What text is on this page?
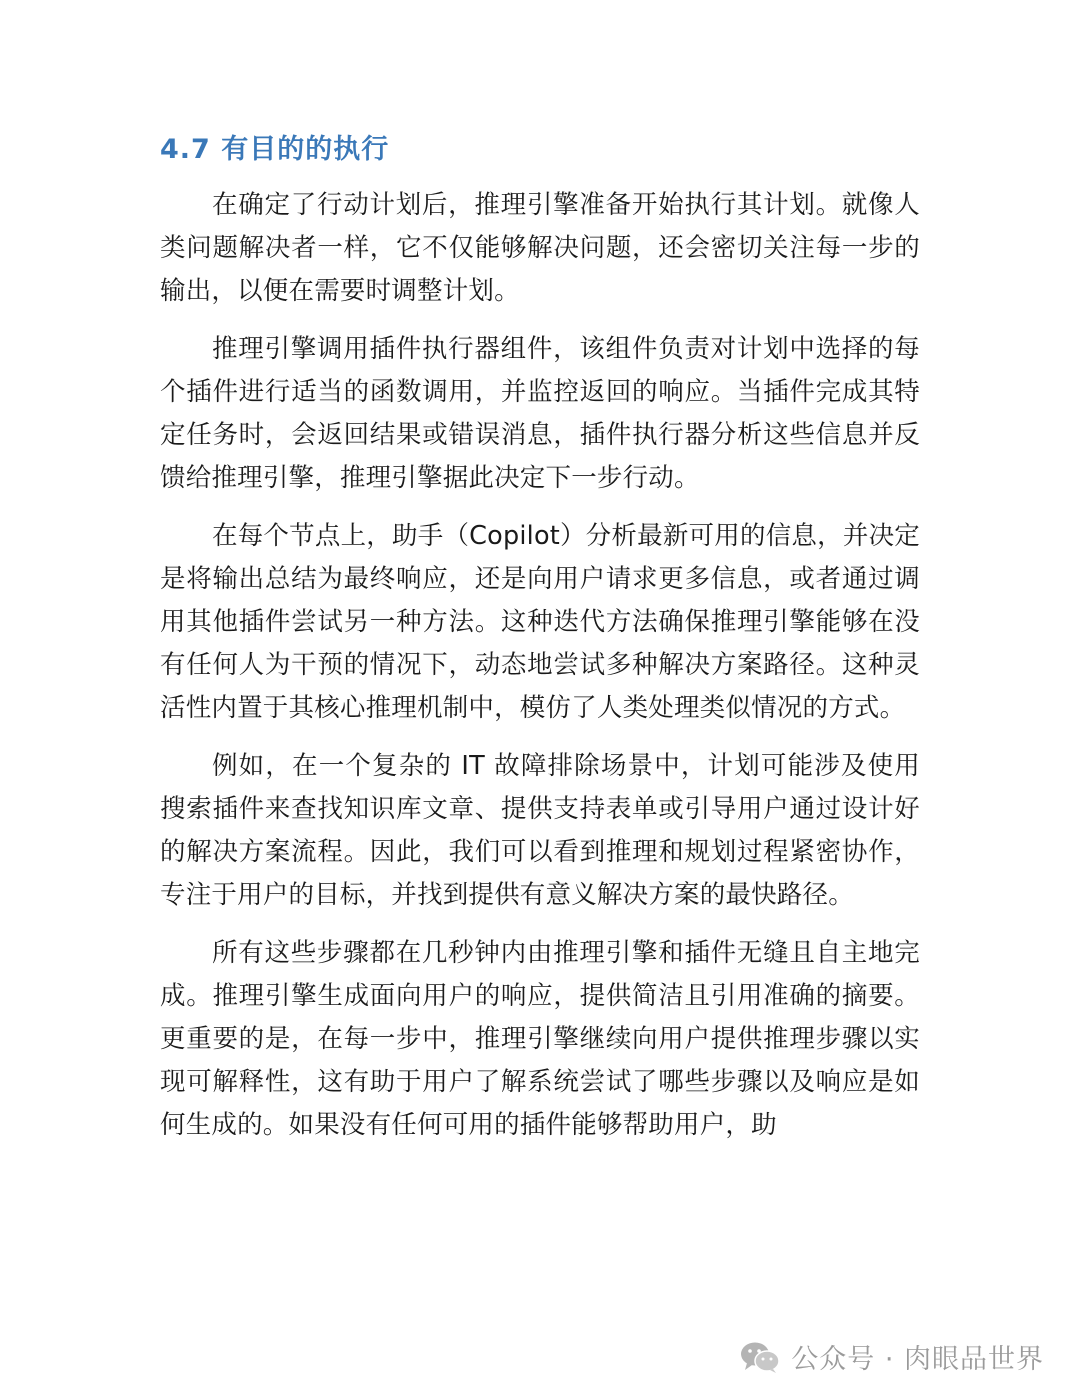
4.7 有目的的执行

在确定了行动计划后，推理引擎准备开始执行其计划。就像人类问题解决者一样，它不仅能够解决问题，还会密切关注每一步的输出，以便在需要时调整计划。

推理引擎调用插件执行器组件，该组件负责对计划中选择的每个插件进行适当的函数调用，并监控返回的响应。当插件完成其特定任务时，会返回结果或错误消息，插件执行器分析这些信息并反馈给推理引擎，推理引擎据此决定下一步行动。

在每个节点上，助手（Copilot）分析最新可用的信息，并决定是将输出总结为最终响应，还是向用户请求更多信息，或者通过调用其他插件尝试另一种方法。这种迭代方法确保推理引擎能够在没有任何人为干预的情况下，动态地尝试多种解决方案路径。这种灵活性内置于其核心推理机制中，模仿了人类处理类似情况的方式。

例如，在一个复杂的 IT 故障排除场景中，计划可能涉及使用搜索插件来查找知识库文章、提供支持表单或引导用户通过设计好的解决方案流程。因此，我们可以看到推理和规划过程紧密协作，专注于用户的目标，并找到提供有意义解决方案的最快路径。

所有这些步骤都在几秒钟内由推理引擎和插件无缝且自主地完成。推理引擎生成面向用户的响应，提供简洁且引用准确的摘要。更重要的是，在每一步中，推理引擎继续向用户提供推理步骤以实现可解释性，这有助于用户了解系统尝试了哪些步骤以及响应是如何生成的。如果没有任何可用的插件能够帮助用户，助

公众号 · 肉眼品世界
